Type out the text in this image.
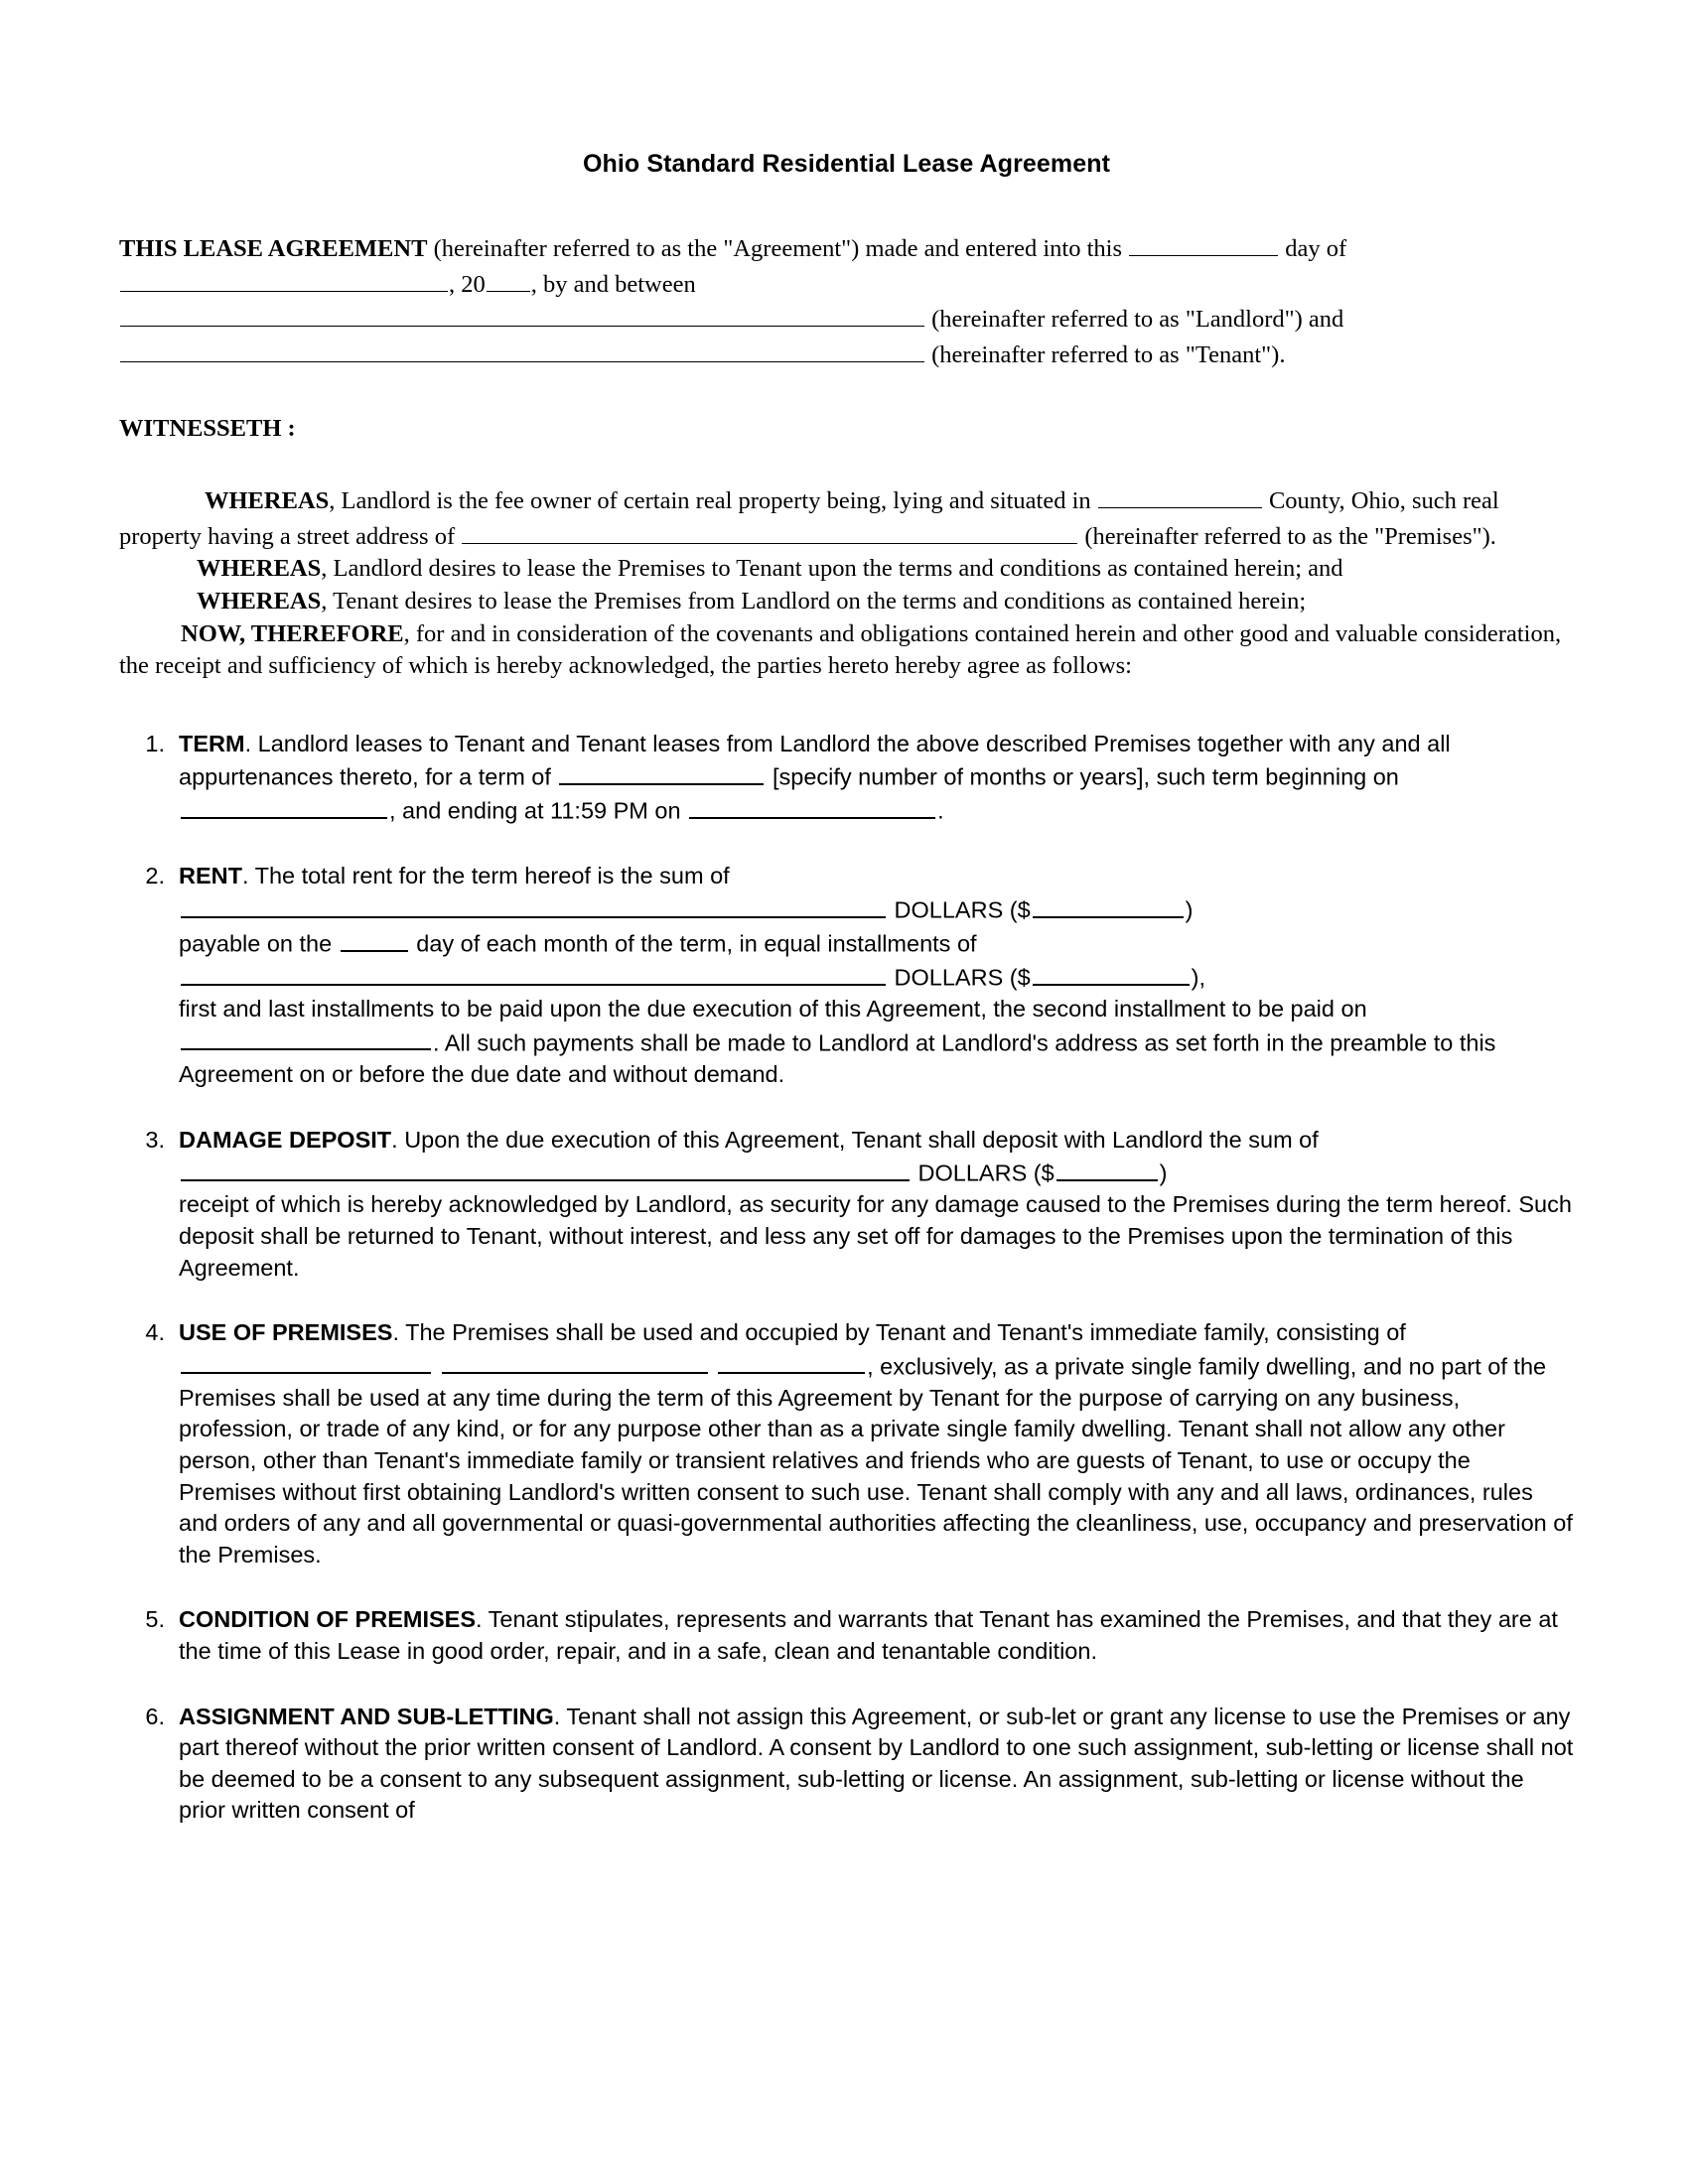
Ohio Standard Residential Lease Agreement
THIS LEASE AGREEMENT (hereinafter referred to as the "Agreement") made and entered into this	day of
, 20 , by and between
(hereinafter referred to as "Landlord") and
(hereinafter referred to as "Tenant").
WITNESSETH :

WHEREAS, Landlord is the fee owner of certain real property being, lying and situated in	County, Ohio, such real property having a street address of	(hereinafter referred to as the "Premises").

WHEREAS, Landlord desires to lease the Premises to Tenant upon the terms and conditions as contained herein; and

WHEREAS, Tenant desires to lease the Premises from Landlord on the terms and conditions as contained herein;

NOW, THEREFORE, for and in consideration of the covenants and obligations contained herein and other good and valuable consideration, the receipt and sufficiency of which is hereby acknowledged, the parties hereto hereby agree as follows:

1. TERM. Landlord leases to Tenant and Tenant leases from Landlord the above described Premises together with any and all appurtenances thereto, for a term of	[specify number of months or years], such term beginning on , and ending at 11:59 PM on	.
2. RENT. The total rent for the term hereof is the sum of
DOLLARS ($	)
payable on the	day of each month of the term, in equal installments of
DOLLARS ($	),
first and last installments to be paid upon the due execution of this Agreement, the second installment to be paid on . All such payments shall be made to Landlord at Landlord's address as set forth in the preamble to this Agreement on or before the due date and without demand.
3. DAMAGE DEPOSIT. Upon the due execution of this Agreement, Tenant shall deposit with Landlord the sum of  DOLLARS ($	)
receipt of which is hereby acknowledged by Landlord, as security for any damage caused to the Premises during the term hereof. Such deposit shall be returned to Tenant, without interest, and less any set off for damages to the Premises upon the termination of this Agreement.
4. USE OF PREMISES. The Premises shall be used and occupied by Tenant and Tenant's immediate family, consisting of   , exclusively, as a private single family dwelling, and no part of the Premises shall be used at any time during the term of this Agreement by Tenant for the purpose of carrying on any business, profession, or trade of any kind, or for any purpose other than as a private single family dwelling. Tenant shall not allow any other person, other than Tenant's immediate family or transient relatives and friends who are guests of Tenant, to use or occupy the Premises without first obtaining Landlord's written consent to such use. Tenant shall comply with any and all laws, ordinances, rules and orders of any and all governmental or quasi-governmental authorities affecting the cleanliness, use, occupancy and preservation of the Premises.
5. CONDITION OF PREMISES. Tenant stipulates, represents and warrants that Tenant has examined the Premises, and that they are at the time of this Lease in good order, repair, and in a safe, clean and tenantable condition.
6. ASSIGNMENT AND SUB-LETTING. Tenant shall not assign this Agreement, or sub-let or grant any license to use the Premises or any part thereof without the prior written consent of Landlord. A consent by Landlord to one such assignment, sub-letting or license shall not be deemed to be a consent to any subsequent assignment, sub-letting or license. An assignment, sub-letting or license without the prior written consent of
